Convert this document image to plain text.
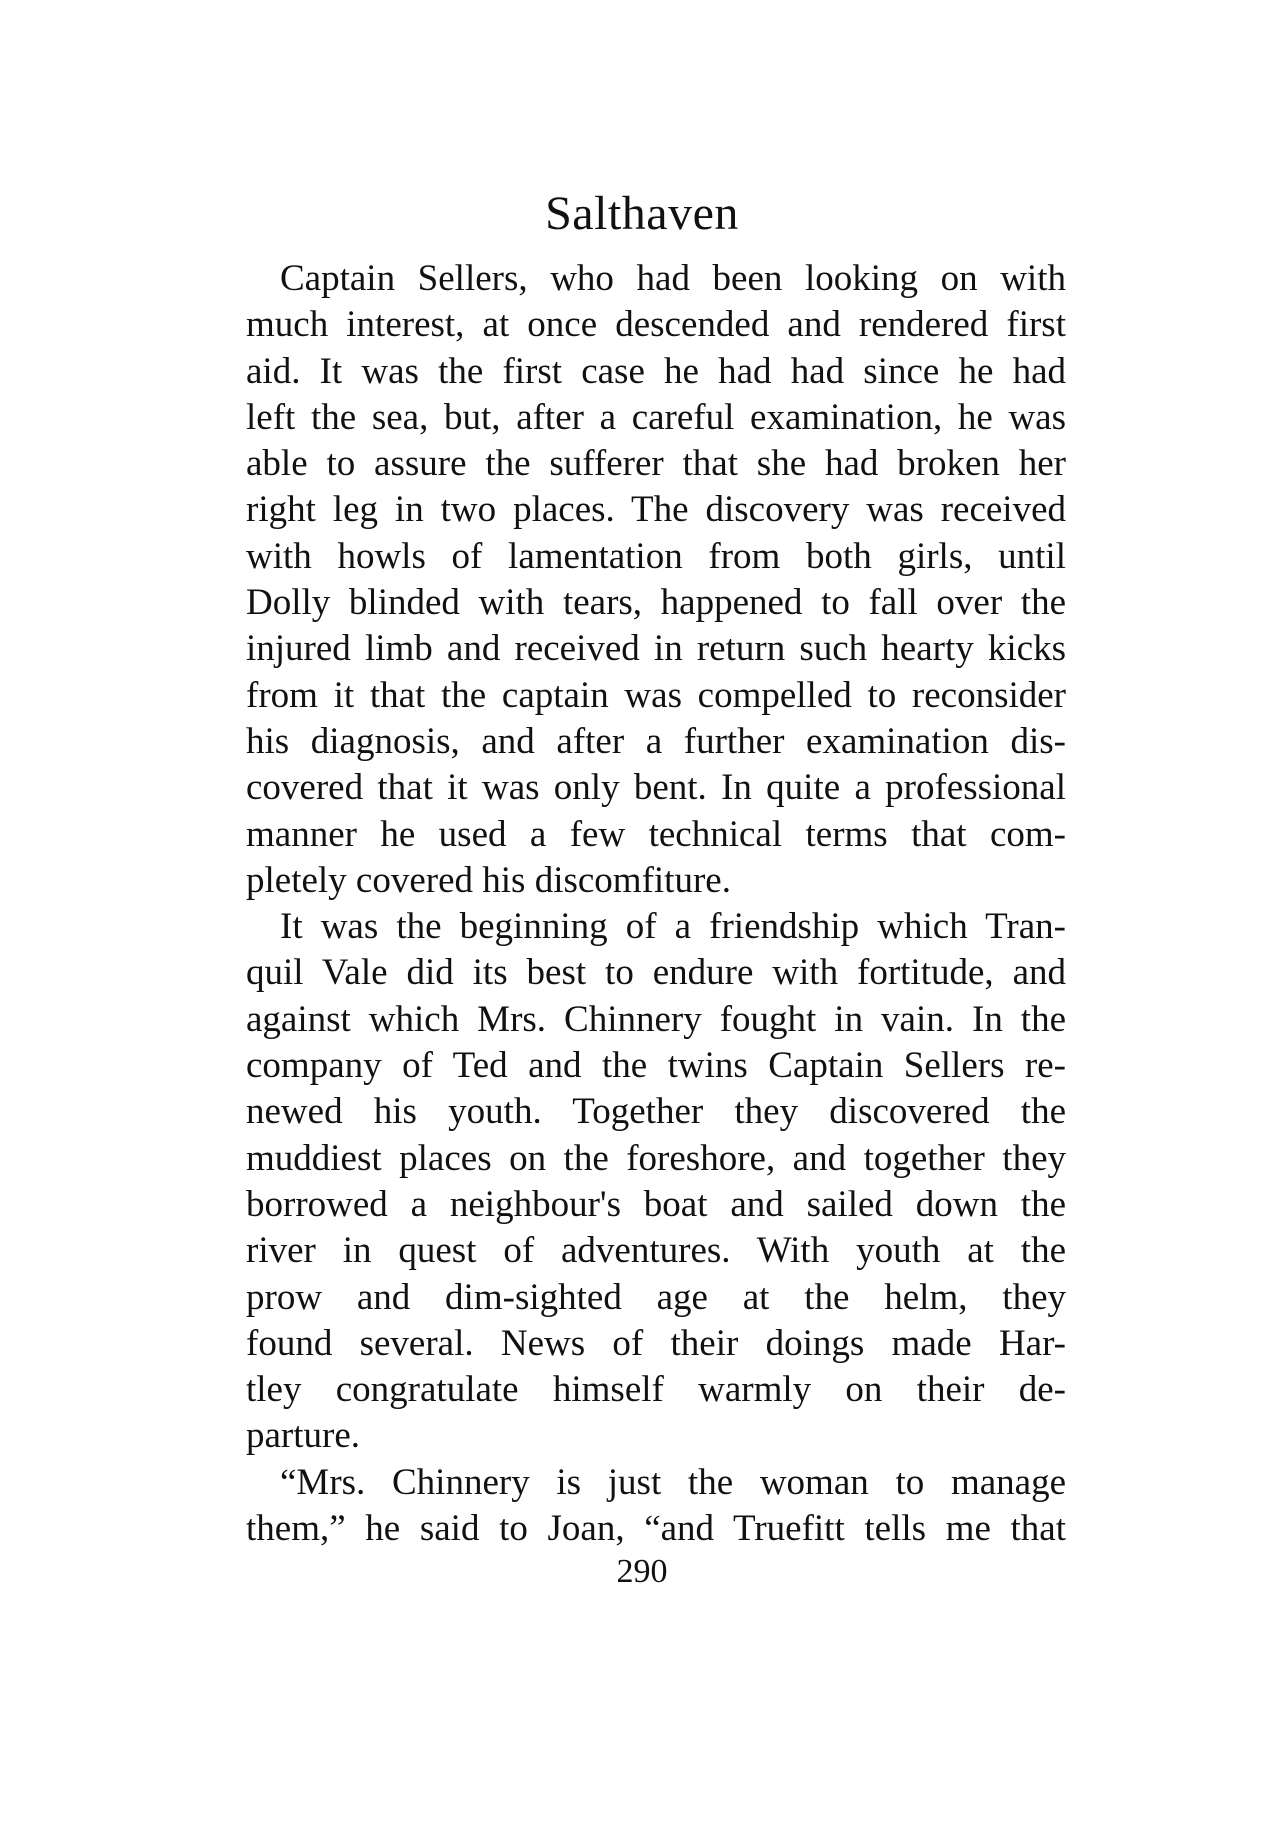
Salthaven
Captain Sellers, who had been looking on with
much interest, at once descended and rendered first
aid. It was the first case he had had since he had
left the sea, but, after a careful examination, he was
able to assure the sufferer that she had broken her
right leg in two places. The discovery was received
with howls of lamentation from both girls, until
Dolly blinded with tears, happened to fall over the
injured limb and received in return such hearty kicks
from it that the captain was compelled to reconsider
his diagnosis, and after a further examination dis-
covered that it was only bent. In quite a professional
manner he used a few technical terms that com-
pletely covered his discomfiture.
It was the beginning of a friendship which Tran-
quil Vale did its best to endure with fortitude, and
against which Mrs. Chinnery fought in vain. In the
company of Ted and the twins Captain Sellers re-
newed his youth. Together they discovered the
muddiest places on the foreshore, and together they
borrowed a neighbour's boat and sailed down the
river in quest of adventures. With youth at the
prow and dim-sighted age at the helm, they
found several. News of their doings made Har-
tley congratulate himself warmly on their de-
parture.
“Mrs. Chinnery is just the woman to manage
them,” he said to Joan, “and Truefitt tells me that
290
